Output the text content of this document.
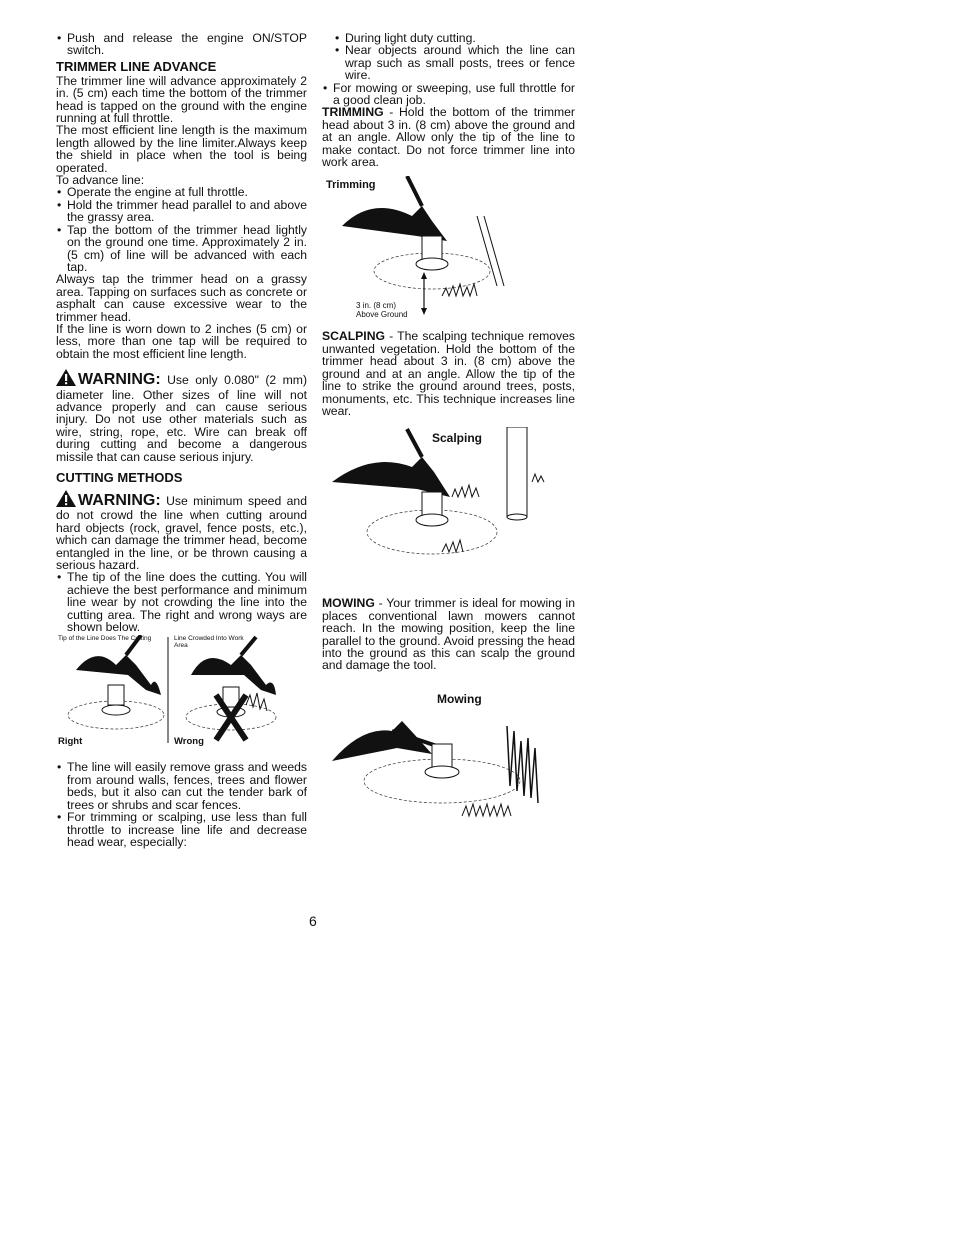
• Push and release the engine ON/STOP switch.
TRIMMER LINE ADVANCE

The trimmer line will advance approximately 2 in. (5 cm) each time the bottom of the trimmer head is tapped on the ground with the engine running at full throttle.

The most efficient line length is the maximum length allowed by the line limiter.Always keep the shield in place when the tool is being operated.

To advance line:

• Operate the engine at full throttle.
• Hold the trimmer head parallel to and above the grassy area.
• Tap the bottom of the trimmer head lightly on the ground one time. Approximately 2 in. (5 cm) of line will be advanced with each tap.

Always tap the trimmer head on a grassy area. Tapping on surfaces such as concrete or asphalt can cause excessive wear to the trimmer head.

If the line is worn down to 2 inches (5 cm) or less, more than one tap will be required to obtain the most efficient line length.

WARNING: Use only 0.080" (2 mm) diameter line. Other sizes of line will not advance properly and can cause serious injury. Do not use other materials such as wire, string, rope, etc. Wire can break off during cutting and become a dangerous missile that can cause serious injury.

CUTTING METHODS

WARNING: Use minimum speed and do not crowd the line when cutting around hard objects (rock, gravel, fence posts, etc.), which can damage the trimmer head, become entangled in the line, or be thrown causing a serious hazard.

• The tip of the line does the cutting. You will achieve the best performance and minimum line wear by not crowding the line into the cutting area. The right and wrong ways are shown below.
Tip of the Line Does The Cutting	Line Crowded Into Work Area
Right	Wrong
• The line will easily remove grass and weeds from around walls, fences, trees and flower beds, but it also can cut the tender bark of trees or shrubs and scar fences.
• For trimming or scalping, use less than full throttle to increase line life and decrease head wear, especially:
• During light duty cutting.
• Near objects around which the line can wrap such as small posts, trees or fence wire.
• For mowing or sweeping, use full throttle for a good clean job.

TRIMMING - Hold the bottom of the trimmer head about 3 in. (8 cm) above the ground and at an angle. Allow only the tip of the line to make contact. Do not force trimmer line into work area.

Trimming
3 in. (8 cm)
Above Ground

SCALPING - The scalping technique removes unwanted vegetation. Hold the bottom of the trimmer head about 3 in. (8 cm) above the ground and at an angle. Allow the tip of the line to strike the ground around trees, posts, monuments, etc. This technique increases line wear.

Scalping

MOWING - Your trimmer is ideal for mowing in places conventional lawn mowers cannot reach. In the mowing position, keep the line parallel to the ground. Avoid pressing the head into the ground as this can scalp the ground and damage the tool.

Mowing
6
